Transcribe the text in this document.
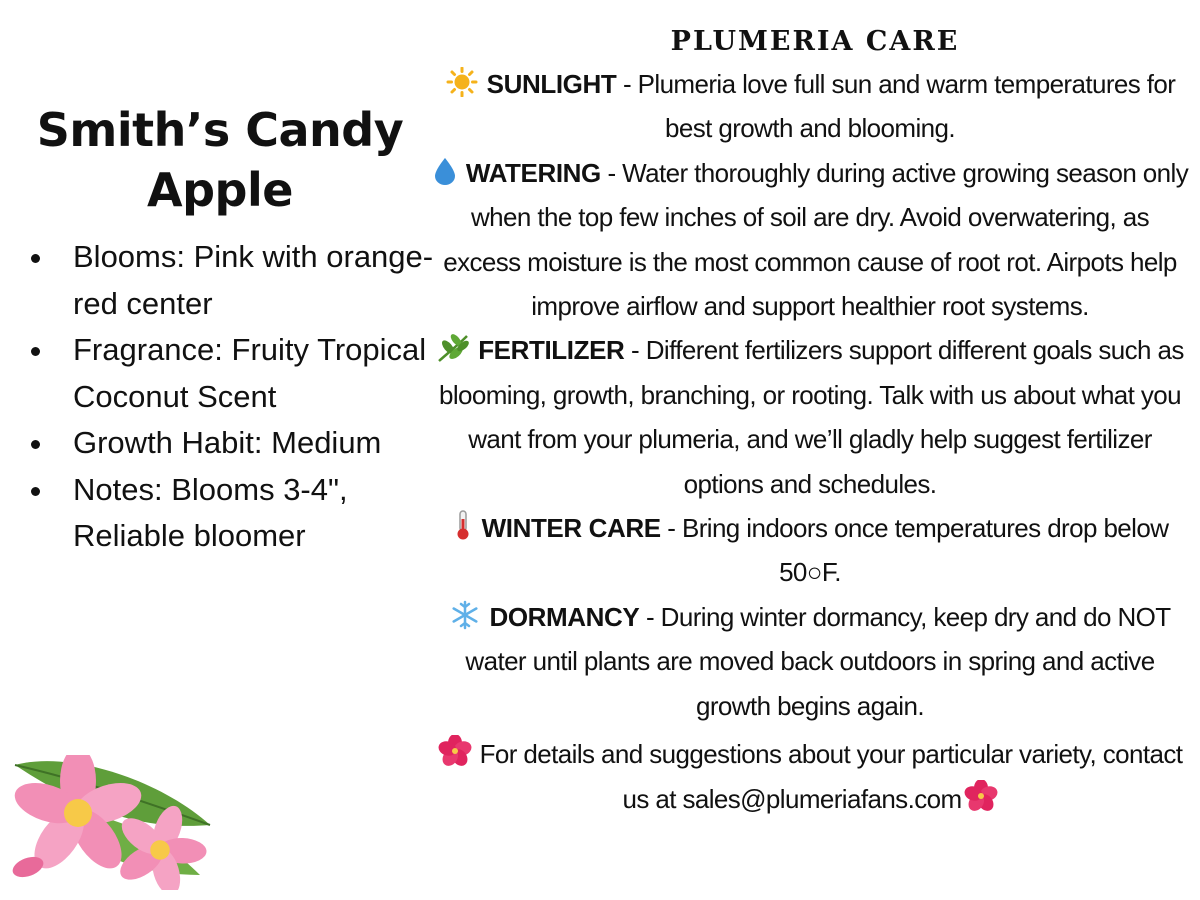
Smith’s Candy Apple
Blooms: Pink with orange-red center
Fragrance: Fruity Tropical Coconut Scent
Growth Habit: Medium
Notes: Blooms 3-4", Reliable bloomer
PLUMERIA CARE

SUNLIGHT - Plumeria love full sun and warm temperatures for best growth and blooming.

WATERING - Water thoroughly during active growing season only when the top few inches of soil are dry. Avoid overwatering, as excess moisture is the most common cause of root rot. Airpots help improve airflow and support healthier root systems.

FERTILIZER - Different fertilizers support different goals such as blooming, growth, branching, or rooting. Talk with us about what you want from your plumeria, and we’ll gladly help suggest fertilizer options and schedules.

WINTER CARE - Bring indoors once temperatures drop below 50○F.

DORMANCY - During winter dormancy, keep dry and do NOT water until plants are moved back outdoors in spring and active growth begins again.

For details and suggestions about your particular variety, contact us at sales@plumeriafans.com
